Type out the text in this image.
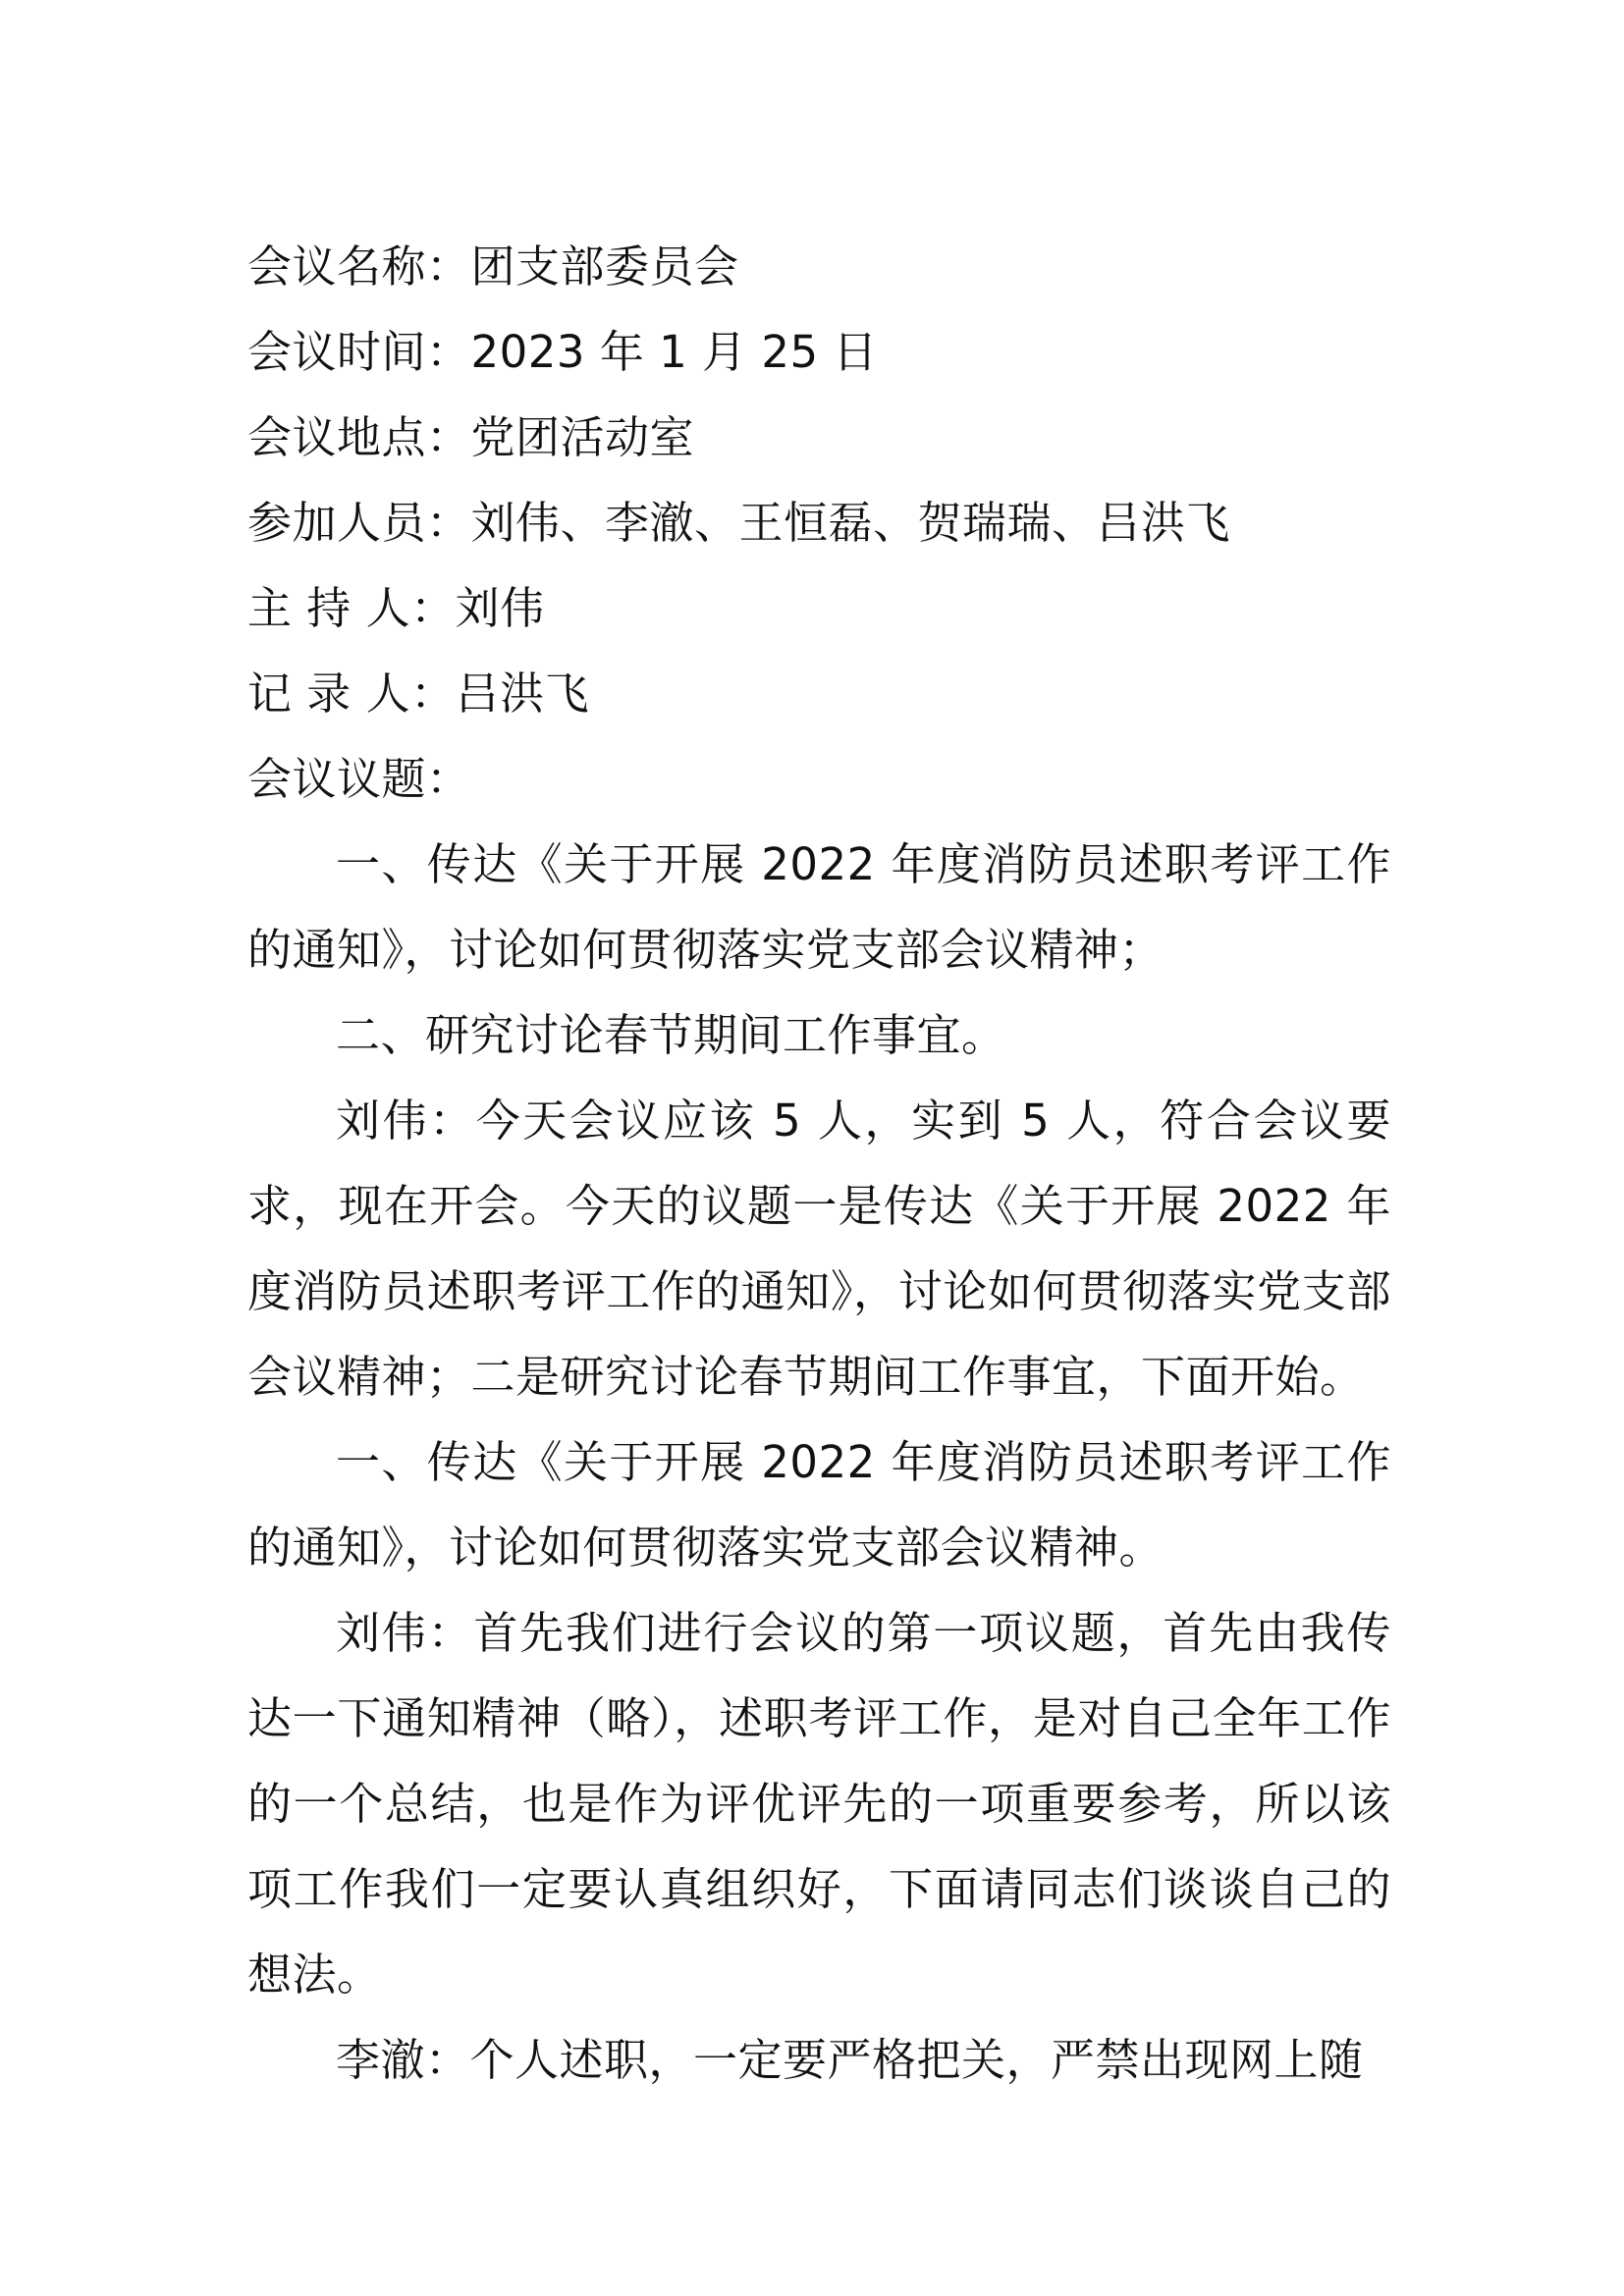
会议名称：团支部委员会

会议时间：2023 年 1 月 25 日

会议地点：党团活动室

参加人员：刘伟、李澈、王恒磊、贺瑞瑞、吕洪飞

主 持 人：刘伟

记 录 人：吕洪飞

会议议题：

一、传达《关于开展 2022 年度消防员述职考评工作的通知》，讨论如何贯彻落实党支部会议精神；

二、研究讨论春节期间工作事宜。

刘伟：今天会议应该 5 人，实到 5 人，符合会议要求，现在开会。今天的议题一是传达《关于开展 2022 年度消防员述职考评工作的通知》，讨论如何贯彻落实党支部会议精神；二是研究讨论春节期间工作事宜，下面开始。

一、传达《关于开展 2022 年度消防员述职考评工作的通知》，讨论如何贯彻落实党支部会议精神。

刘伟：首先我们进行会议的第一项议题，首先由我传达一下通知精神（略），述职考评工作，是对自己全年工作的一个总结，也是作为评优评先的一项重要参考，所以该项工作我们一定要认真组织好，下面请同志们谈谈自己的想法。

李澈：个人述职，一定要严格把关，严禁出现网上随
